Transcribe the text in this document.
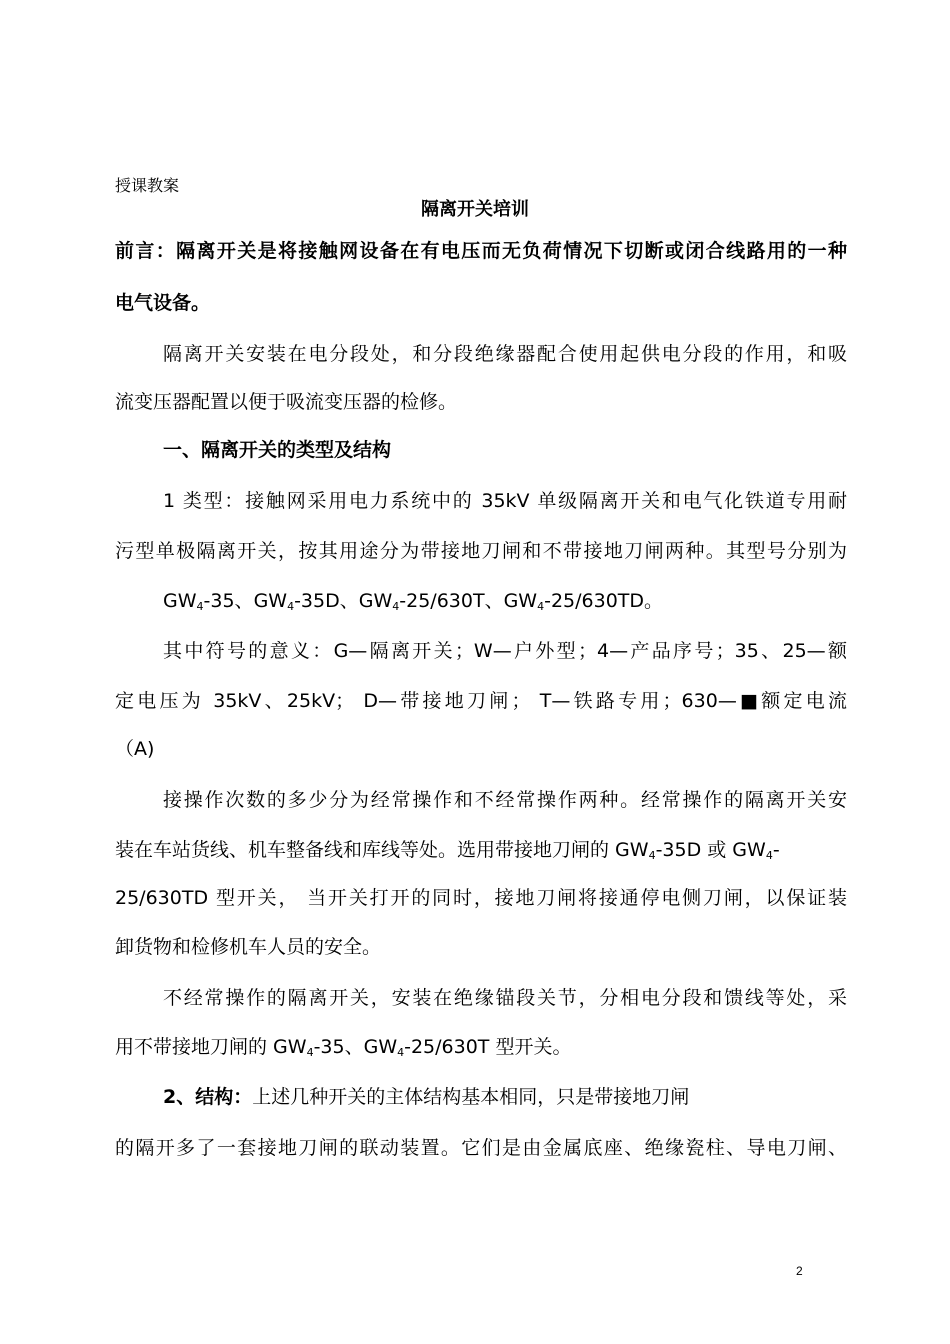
授课教案
隔离开关培训
前言：隔离开关是将接触网设备在有电压而无负荷情况下切断或闭合线路用的一种
电气设备。
隔离开关安装在电分段处，和分段绝缘器配合使用起供电分段的作用，和吸
流变压器配置以便于吸流变压器的检修。
一、隔离开关的类型及结构
1 类型：接触网采用电力系统中的 35kV 单级隔离开关和电气化铁道专用耐
污型单极隔离开关，按其用途分为带接地刀闸和不带接地刀闸两种。其型号分别为
$GW_4-35$、$GW_4-35D$、$GW_4-25/630T$、$GW_4-25/630TD$。
其中符号的意义：G—隔离开关；W—户外型；4—产品序号；35、25—额
定电压为 35kV、25kV； D—带接地刀闸； T—铁路专用；630—■额定电流
（A)
接操作次数的多少分为经常操作和不经常操作两种。经常操作的隔离开关安
装在车站货线、机车整备线和库线等处。选用带接地刀闸的 $GW_4-35D$ 或 $GW_4-$
25/630TD 型开关， 当开关打开的同时，接地刀闸将接通停电侧刀闸，以保证装
卸货物和检修机车人员的安全。
不经常操作的隔离开关，安装在绝缘锚段关节，分相电分段和馈线等处，采
用不带接地刀闸的 $GW_4-35$、$GW_4-25/630T$ 型开关。
2、结构：上述几种开关的主体结构基本相同，只是带接地刀闸
的隔开多了一套接地刀闸的联动装置。它们是由金属底座、绝缘瓷柱、导电刀闸、
2
